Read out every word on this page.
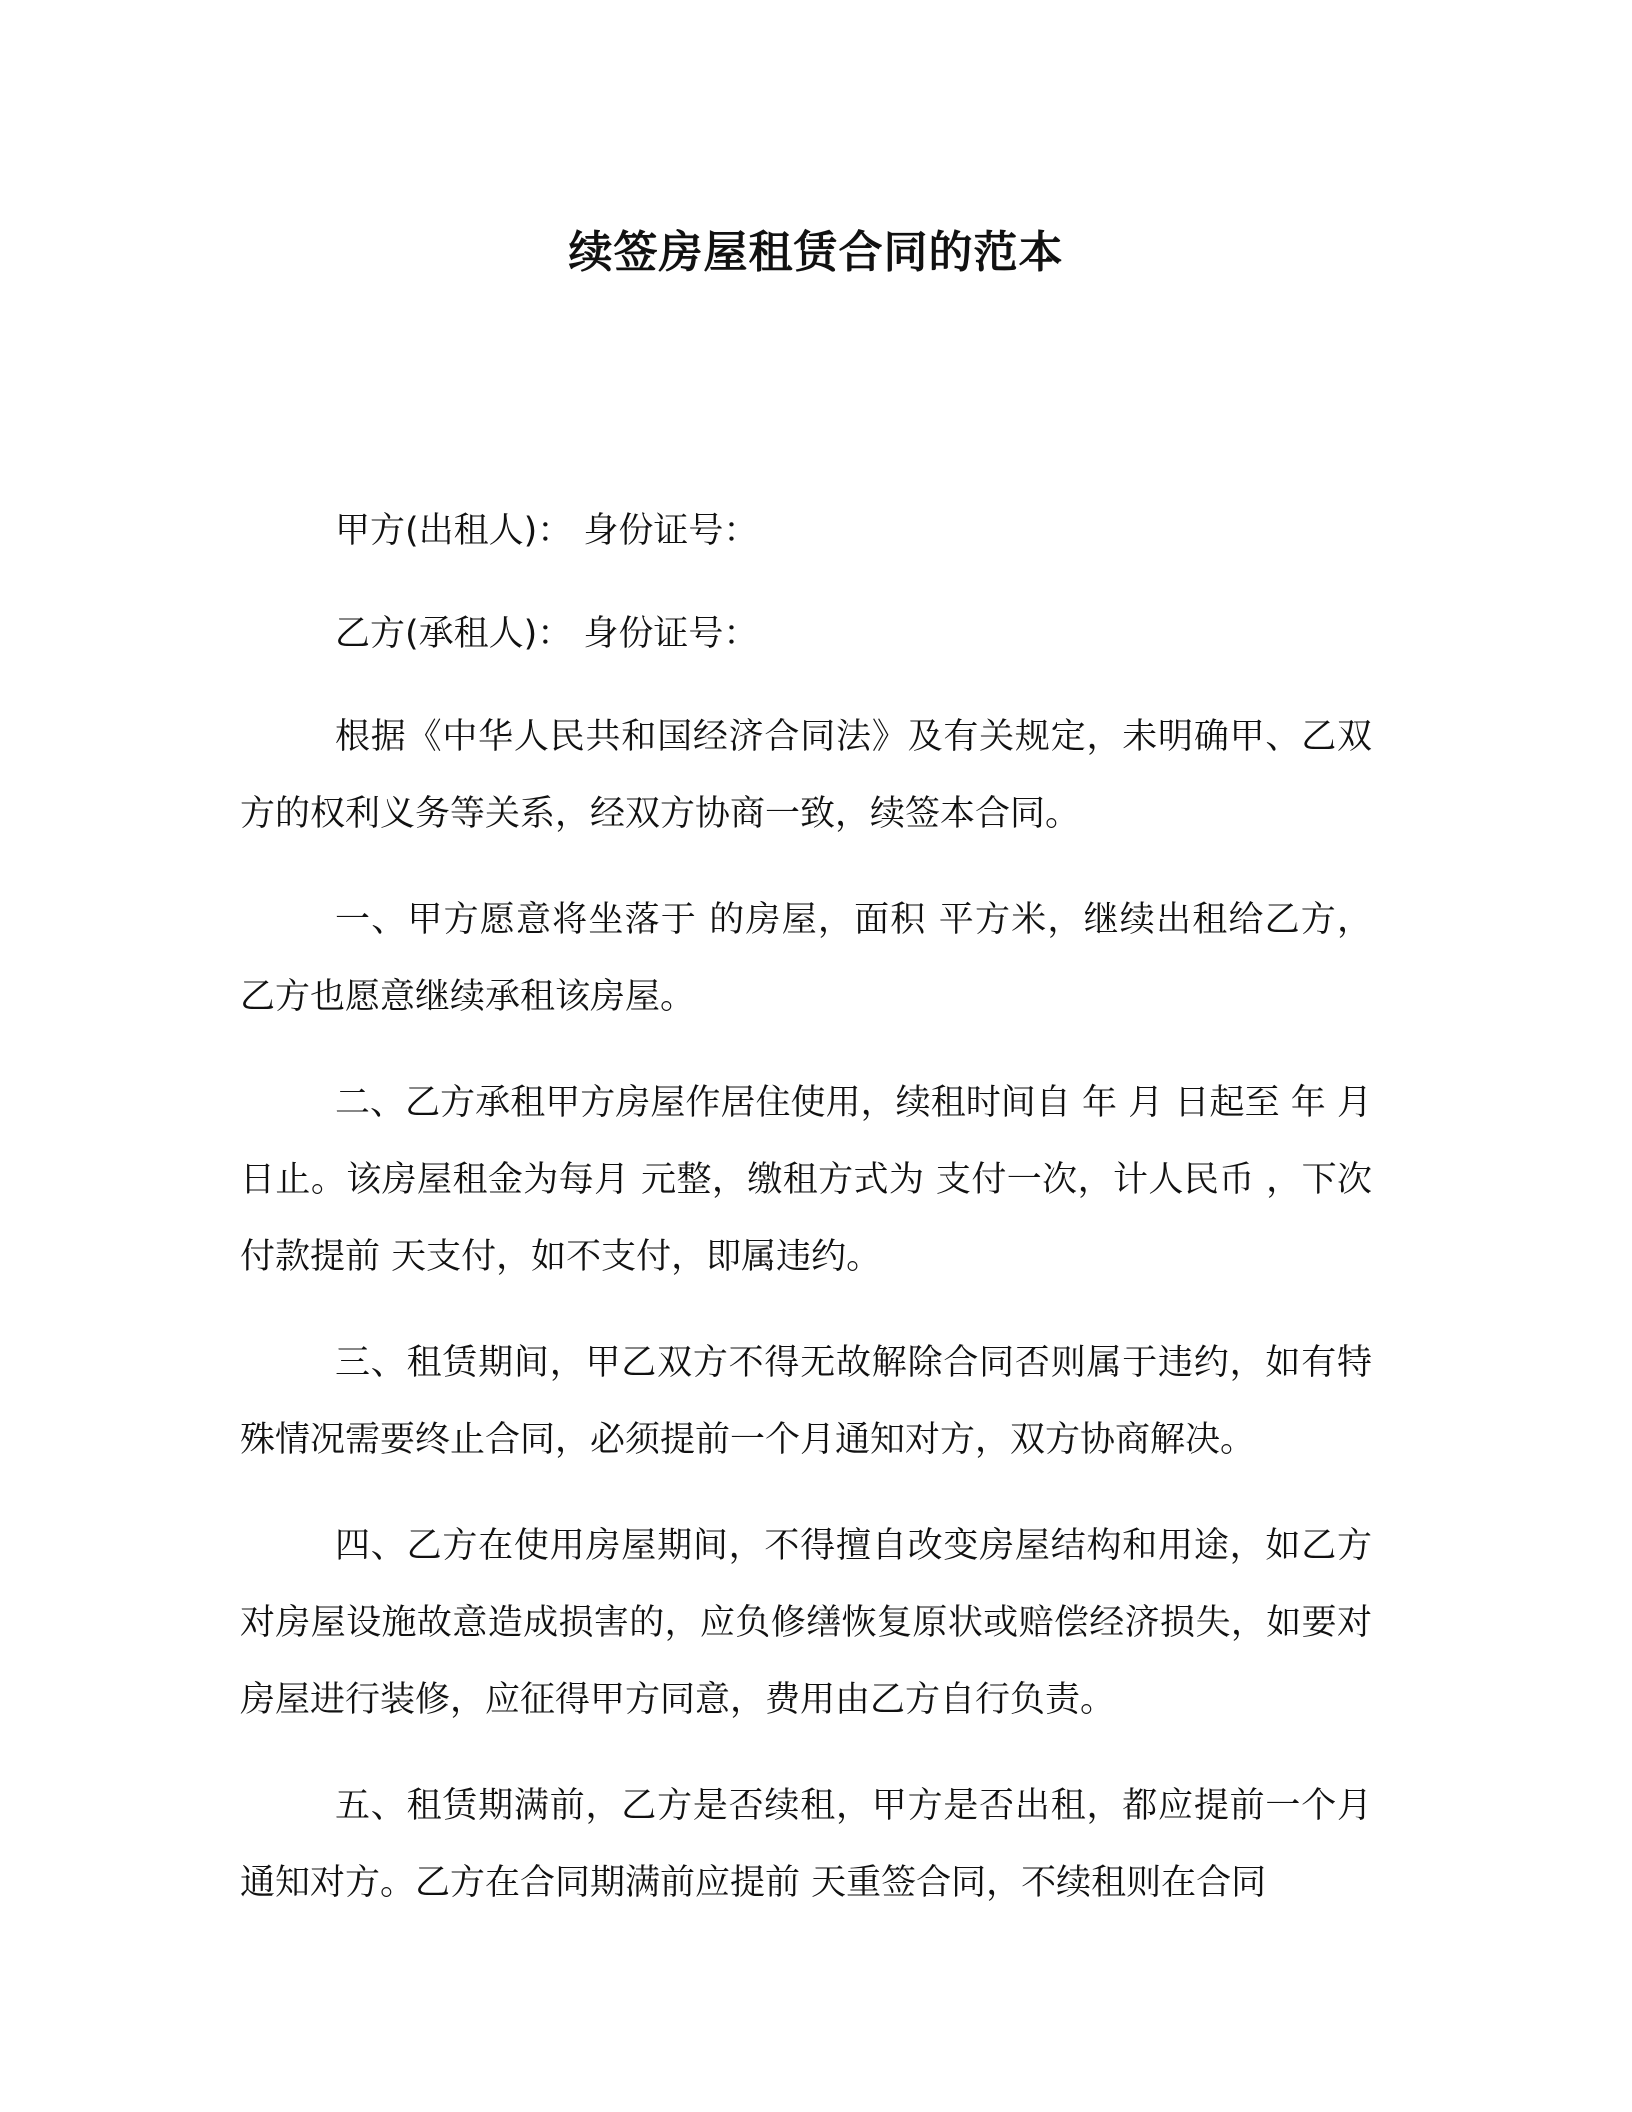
续签房屋租赁合同的范本

甲方(出租人)： 身份证号：

乙方(承租人)： 身份证号：

根据《中华人民共和国经济合同法》及有关规定，未明确甲、乙双方的权利义务等关系，经双方协商一致，续签本合同。

一、甲方愿意将坐落于 的房屋，面积 平方米，继续出租给乙方，乙方也愿意继续承租该房屋。

二、乙方承租甲方房屋作居住使用，续租时间自 年 月 日起至 年 月 日止。该房屋租金为每月 元整，缴租方式为 支付一次，计人民币 ，下次付款提前 天支付，如不支付，即属违约。

三、租赁期间，甲乙双方不得无故解除合同否则属于违约，如有特殊情况需要终止合同，必须提前一个月通知对方，双方协商解决。

四、乙方在使用房屋期间，不得擅自改变房屋结构和用途，如乙方对房屋设施故意造成损害的，应负修缮恢复原状或赔偿经济损失，如要对房屋进行装修，应征得甲方同意，费用由乙方自行负责。

五、租赁期满前，乙方是否续租，甲方是否出租，都应提前一个月通知对方。乙方在合同期满前应提前 天重签合同，不续租则在合同
